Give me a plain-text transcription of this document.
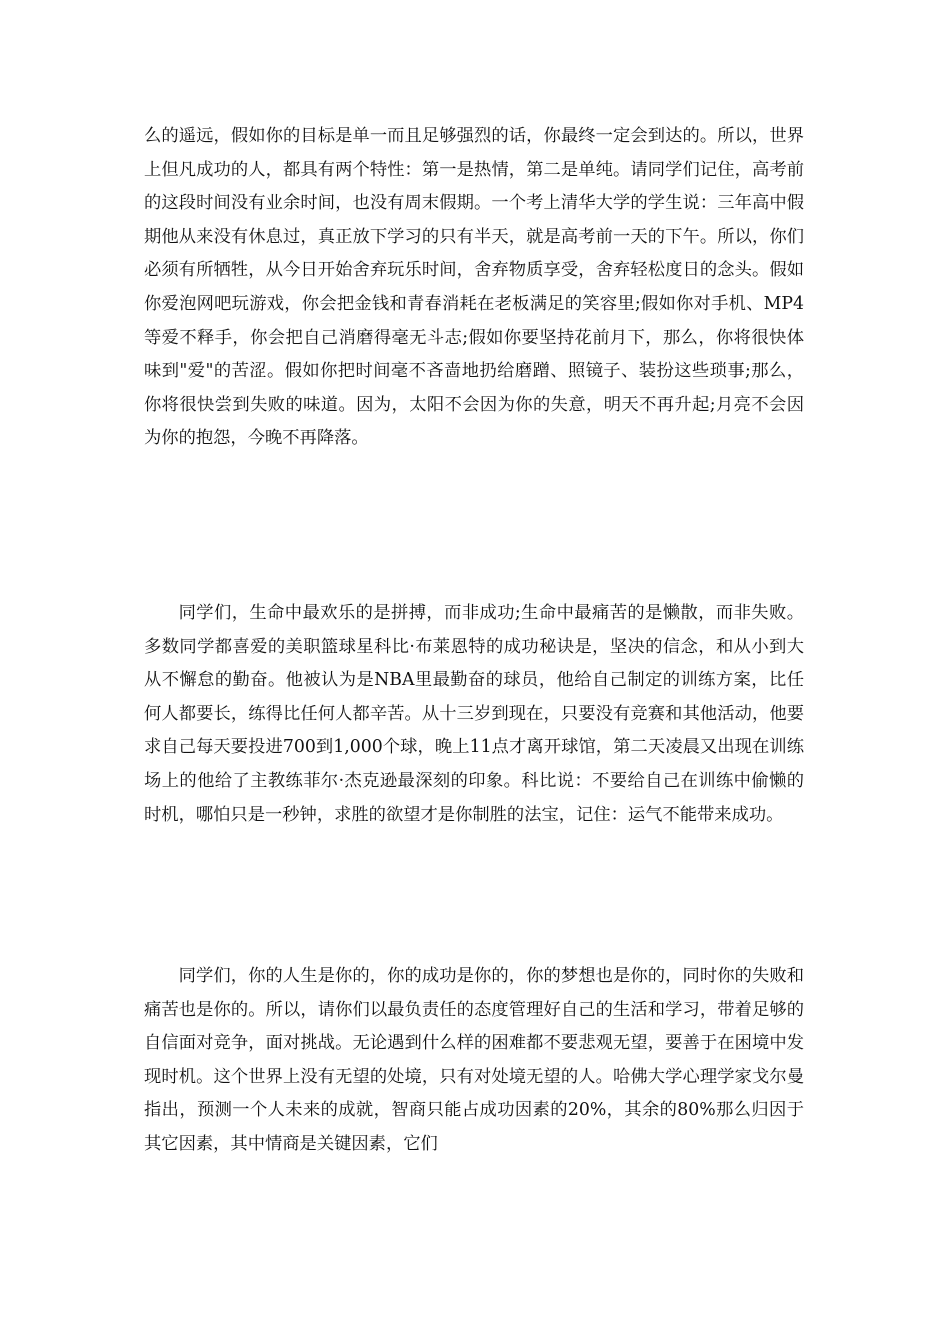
么的遥远，假如你的目标是单一而且足够强烈的话，你最终一定会到达的。所以，世界上但凡成功的人，都具有两个特性：第一是热情，第二是单纯。请同学们记住，高考前的这段时间没有业余时间，也没有周末假期。一个考上清华大学的学生说：三年高中假期他从来没有休息过，真正放下学习的只有半天，就是高考前一天的下午。所以，你们必须有所牺牲，从今日开始舍弃玩乐时间，舍弃物质享受，舍弃轻松度日的念头。假如你爱泡网吧玩游戏，你会把金钱和青春消耗在老板满足的笑容里;假如你对手机、MP4等爱不释手，你会把自己消磨得毫无斗志;假如你要坚持花前月下，那么，你将很快体味到"爱"的苦涩。假如你把时间毫不吝啬地扔给磨蹭、照镜子、装扮这些琐事;那么，你将很快尝到失败的味道。因为，太阳不会因为你的失意，明天不再升起;月亮不会因为你的抱怨，今晚不再降落。

同学们，生命中最欢乐的是拼搏，而非成功;生命中最痛苦的是懒散，而非失败。多数同学都喜爱的美职篮球星科比·布莱恩特的成功秘诀是，坚决的信念，和从小到大从不懈怠的勤奋。他被认为是NBA里最勤奋的球员，他给自己制定的训练方案，比任何人都要长，练得比任何人都辛苦。从十三岁到现在，只要没有竞赛和其他活动，他要求自己每天要投进700到1,000个球，晚上11点才离开球馆，第二天凌晨又出现在训练场上的他给了主教练菲尔·杰克逊最深刻的印象。科比说：不要给自己在训练中偷懒的时机，哪怕只是一秒钟，求胜的欲望才是你制胜的法宝，记住：运气不能带来成功。

同学们，你的人生是你的，你的成功是你的，你的梦想也是你的，同时你的失败和痛苦也是你的。所以，请你们以最负责任的态度管理好自己的生活和学习，带着足够的自信面对竞争，面对挑战。无论遇到什么样的困难都不要悲观无望，要善于在困境中发现时机。这个世界上没有无望的处境，只有对处境无望的人。哈佛大学心理学家戈尔曼指出，预测一个人未来的成就，智商只能占成功因素的20%，其余的80%那么归因于其它因素，其中情商是关键因素，它们
